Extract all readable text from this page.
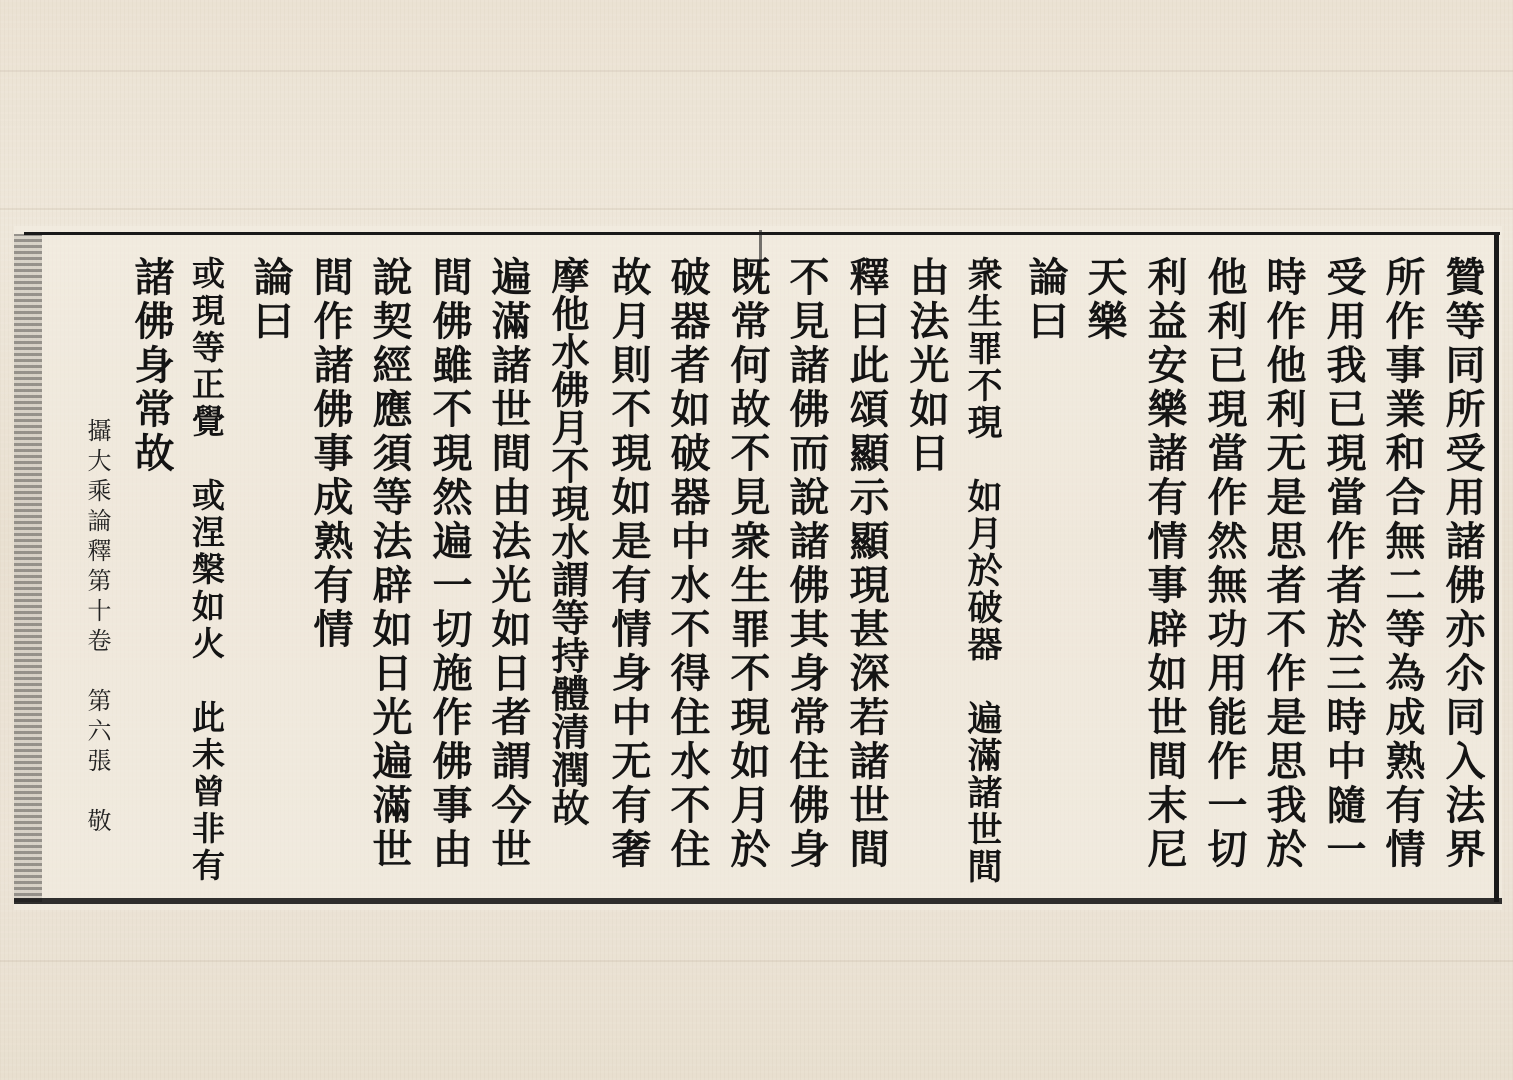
贊等同所受用諸佛亦尒同入法界
所作事業和合無二等為成熟有情
受用我已現當作者於三時中隨一
時作他利无是思者不作是思我於
他利已現當作然無功用能作一切
利益安樂諸有情事辟如世間末尼
天樂
論曰
衆生罪不現　如月於破器　遍滿諸世間
由法光如日
釋曰此頌顯示顯現甚深若諸世間
不見諸佛而說諸佛其身常住佛身
既常何故不見衆生罪不現如月於
破器者如破器中水不得住水不住
故月則不現如是有情身中无有奢
摩他水佛月不現水謂等持體清潤故
遍滿諸世間由法光如日者謂今世
間佛雖不現然遍一切施作佛事由
說契經應須等法辟如日光遍滿世
間作諸佛事成熟有情
論曰
或現等正覺　或涅槃如火　此未曾非有
諸佛身常故
攝大乘論釋第十卷　第六張　敬
